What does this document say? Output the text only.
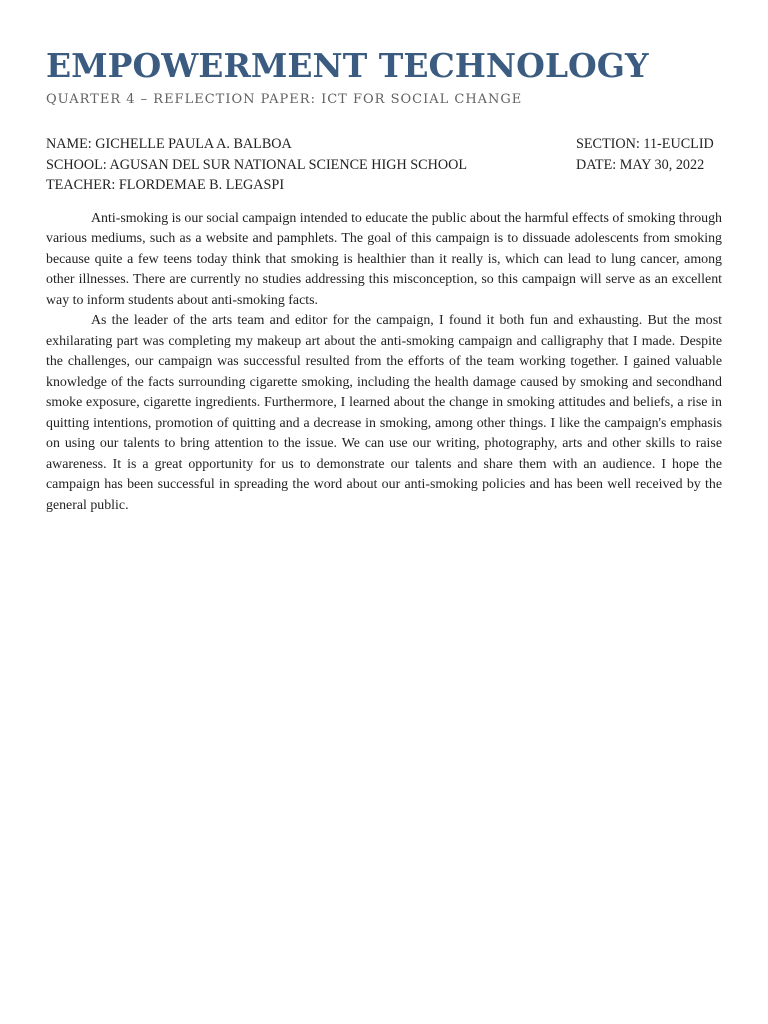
EMPOWERMENT TECHNOLOGY
QUARTER 4 – REFLECTION PAPER: ICT FOR SOCIAL CHANGE
NAME: GICHELLE PAULA A. BALBOA	SECTION: 11-EUCLID
SCHOOL: AGUSAN DEL SUR NATIONAL SCIENCE HIGH SCHOOL	DATE: MAY 30, 2022
TEACHER: FLORDEMAE B. LEGASPI

Anti-smoking is our social campaign intended to educate the public about the harmful effects of smoking through various mediums, such as a website and pamphlets. The goal of this campaign is to dissuade adolescents from smoking because quite a few teens today think that smoking is healthier than it really is, which can lead to lung cancer, among other illnesses. There are currently no studies addressing this misconception, so this campaign will serve as an excellent way to inform students about anti-smoking facts.

As the leader of the arts team and editor for the campaign, I found it both fun and exhausting. But the most exhilarating part was completing my makeup art about the anti-smoking campaign and calligraphy that I made. Despite the challenges, our campaign was successful resulted from the efforts of the team working together. I gained valuable knowledge of the facts surrounding cigarette smoking, including the health damage caused by smoking and secondhand smoke exposure, cigarette ingredients. Furthermore, I learned about the change in smoking attitudes and beliefs, a rise in quitting intentions, promotion of quitting and a decrease in smoking, among other things. I like the campaign's emphasis on using our talents to bring attention to the issue. We can use our writing, photography, arts and other skills to raise awareness. It is a great opportunity for us to demonstrate our talents and share them with an audience. I hope the campaign has been successful in spreading the word about our anti-smoking policies and has been well received by the general public.
